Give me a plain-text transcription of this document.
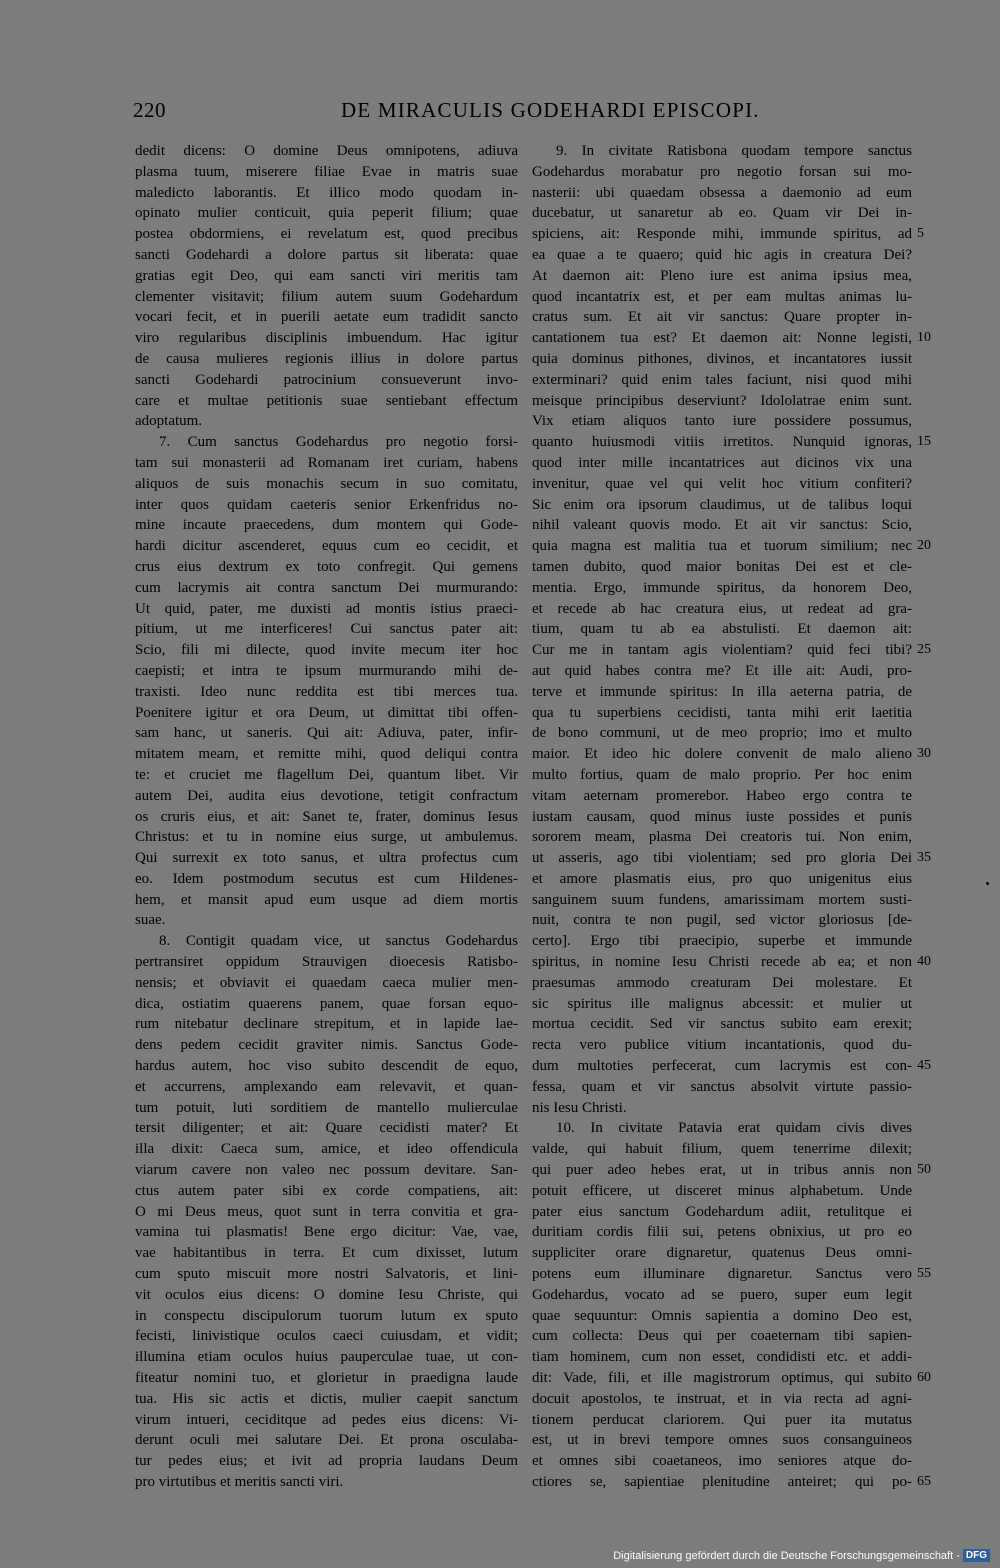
220	DE MIRACULIS GODEHARDI EPISCOPI.
dedit dicens: O domine Deus omnipotens, adiuva
plasma tuum, miserere filiae Evae in matris suae
maledicto laborantis. Et illico modo quodam in-
opinato mulier conticuit, quia peperit filium; quae
postea obdormiens, ei revelatum est, quod precibus
sancti Godehardi a dolore partus sit liberata: quae
gratias egit Deo, qui eam sancti viri meritis tam
clementer visitavit; filium autem suum Godehardum
vocari fecit, et in puerili aetate eum tradidit sancto
viro regularibus disciplinis imbuendum. Hac igitur
de causa mulieres regionis illius in dolore partus
sancti Godehardi patrocinium consueverunt invo-
care et multae petitionis suae sentiebant effectum
adoptatum.
7. Cum sanctus Godehardus pro negotio forsi-
tam sui monasterii ad Romanam iret curiam, habens
aliquos de suis monachis secum in suo comitatu,
inter quos quidam caeteris senior Erkenfridus no-
mine incaute praecedens, dum montem qui Gode-
hardi dicitur ascenderet, equus cum eo cecidit, et
crus eius dextrum ex toto confregit. Qui gemens
cum lacrymis ait contra sanctum Dei murmurando:
Ut quid, pater, me duxisti ad montis istius praeci-
pitium, ut me interficeres! Cui sanctus pater ait:
Scio, fili mi dilecte, quod invite mecum iter hoc
caepisti; et intra te ipsum murmurando mihi de-
traxisti. Ideo nunc reddita est tibi merces tua.
Poenitere igitur et ora Deum, ut dimittat tibi offen-
sam hanc, ut saneris. Qui ait: Adiuva, pater, infir-
mitatem meam, et remitte mihi, quod deliqui contra
te: et cruciet me flagellum Dei, quantum libet. Vir
autem Dei, audita eius devotione, tetigit confractum
os cruris eius, et ait: Sanet te, frater, dominus Iesus
Christus: et tu in nomine eius surge, ut ambulemus.
Qui surrexit ex toto sanus, et ultra profectus cum
eo. Idem postmodum secutus est cum Hildenes-
hem, et mansit apud eum usque ad diem mortis
suae.
8. Contigit quadam vice, ut sanctus Godehardus
pertransiret oppidum Strauvigen dioecesis Ratisbo-
nensis; et obviavit ei quaedam caeca mulier men-
dica, ostiatim quaerens panem, quae forsan equo-
rum nitebatur declinare strepitum, et in lapide lae-
dens pedem cecidit graviter nimis. Sanctus Gode-
hardus autem, hoc viso subito descendit de equo,
et accurrens, amplexando eam relevavit, et quan-
tum potuit, luti sorditiem de mantello mulierculae
tersit diligenter; et ait: Quare cecidisti mater? Et
illa dixit: Caeca sum, amice, et ideo offendicula
viarum cavere non valeo nec possum devitare. San-
ctus autem pater sibi ex corde compatiens, ait:
O mi Deus meus, quot sunt in terra convitia et gra-
vamina tui plasmatis! Bene ergo dicitur: Vae, vae,
vae habitantibus in terra. Et cum dixisset, lutum
cum sputo miscuit more nostri Salvatoris, et lini-
vit oculos eius dicens: O domine Iesu Christe, qui
in conspectu discipulorum tuorum lutum ex sputo
fecisti, linivistique oculos caeci cuiusdam, et vidit;
illumina etiam oculos huius pauperculae tuae, ut con-
fiteatur nomini tuo, et glorietur in praedigna laude
tua. His sic actis et dictis, mulier caepit sanctum
virum intueri, ceciditque ad pedes eius dicens: Vi-
derunt oculi mei salutare Dei. Et prona osculaba-
tur pedes eius; et ivit ad propria laudans Deum
pro virtutibus et meritis sancti viri.
9. In civitate Ratisbona quodam tempore sanctus
Godehardus morabatur pro negotio forsan sui mo-
nasterii: ubi quaedam obsessa a daemonio ad eum
ducebatur, ut sanaretur ab eo. Quam vir Dei in-
spiciens, ait: Responde mihi, immunde spiritus, ad
ea quae a te quaero; quid hic agis in creatura Dei?
At daemon ait: Pleno iure est anima ipsius mea,
quod incantatrix est, et per eam multas animas lu-
cratus sum. Et ait vir sanctus: Quare propter in-
cantationem tua est? Et daemon ait: Nonne legisti,
quia dominus pithones, divinos, et incantatores iussit
exterminari? quid enim tales faciunt, nisi quod mihi
meisque principibus deserviunt? Idololatrae enim sunt.
Vix etiam aliquos tanto iure possidere possumus,
quanto huiusmodi vitiis irretitos. Nunquid ignoras,
quod inter mille incantatrices aut dicinos vix una
invenitur, quae vel qui velit hoc vitium confiteri?
Sic enim ora ipsorum claudimus, ut de talibus loqui
nihil valeant quovis modo. Et ait vir sanctus: Scio,
quia magna est malitia tua et tuorum similium; nec
tamen dubito, quod maior bonitas Dei est et cle-
mentia. Ergo, immunde spiritus, da honorem Deo,
et recede ab hac creatura eius, ut redeat ad gra-
tium, quam tu ab ea abstulisti. Et daemon ait:
Cur me in tantam agis violentiam? quid feci tibi?
aut quid habes contra me? Et ille ait: Audi, pro-
terve et immunde spiritus: In illa aeterna patria, de
qua tu superbiens cecidisti, tanta mihi erit laetitia
de bono communi, ut de meo proprio; imo et multo
maior. Et ideo hic dolere convenit de malo alieno
multo fortius, quam de malo proprio. Per hoc enim
vitam aeternam promerebor. Habeo ergo contra te
iustam causam, quod minus iuste possides et punis
sororem meam, plasma Dei creatoris tui. Non enim,
ut asseris, ago tibi violentiam; sed pro gloria Dei
et amore plasmatis eius, pro quo unigenitus eius
sanguinem suum fundens, amarissimam mortem susti-
nuit, contra te non pugil, sed victor gloriosus [de-
certo]. Ergo tibi praecipio, superbe et immunde
spiritus, in nomine Iesu Christi recede ab ea; et non
praesumas ammodo creaturam Dei molestare. Et
sic spiritus ille malignus abcessit: et mulier ut
mortua cecidit. Sed vir sanctus subito eam erexit;
recta vero publice vitium incantationis, quod du-
dum multoties perfecerat, cum lacrymis est con-
fessa, quam et vir sanctus absolvit virtute passio-
nis Iesu Christi.
10. In civitate Patavia erat quidam civis dives
valde, qui habuit filium, quem tenerrime dilexit;
qui puer adeo hebes erat, ut in tribus annis non
potuit efficere, ut disceret minus alphabetum. Unde
pater eius sanctum Godehardum adiit, retulitque ei
duritiam cordis filii sui, petens obnixius, ut pro eo
suppliciter orare dignaretur, quatenus Deus omni-
potens eum illuminare dignaretur. Sanctus vero
Godehardus, vocato ad se puero, super eum legit
quae sequuntur: Omnis sapientia a domino Deo est,
cum collecta: Deus qui per coaeternam tibi sapien-
tiam hominem, cum non esset, condidisti etc. et addi-
dit: Vade, fili, et ille magistrorum optimus, qui subito
docuit apostolos, te instruat, et in via recta ad agni-
tionem perducat clariorem. Qui puer ita mutatus
est, ut in brevi tempore omnes suos consanguineos
et omnes sibi coaetaneos, imo seniores atque do-
ctiores se, sapientiae plenitudine anteiret; qui po-
5
10
15
20
25
30
35
40
45
50
55
60
65
Digitalisierung gefördert durch die Deutsche Forschungsgemeinschaft - DFG
